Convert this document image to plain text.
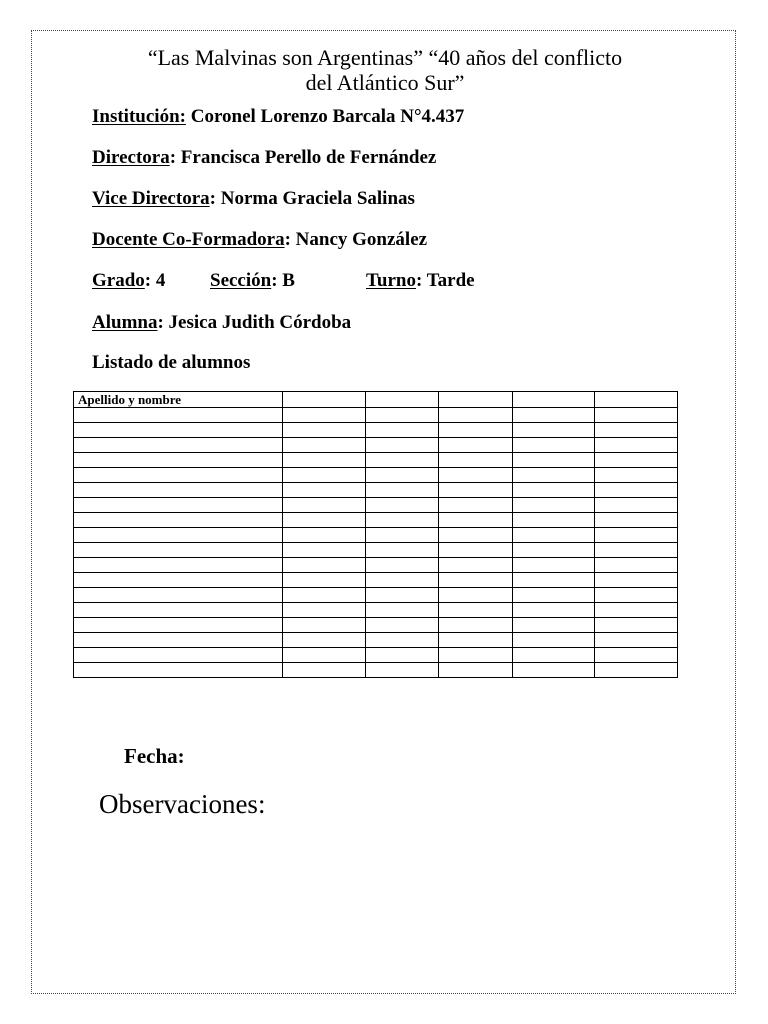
“Las Malvinas son Argentinas” “40 años del conflicto
del Atlántico Sur”
Institución: Coronel Lorenzo Barcala N°4.437
Directora: Francisca Perello de Fernández
Vice Directora: Norma Graciela Salinas
Docente Co-Formadora: Nancy González
Grado: 4 Sección: B	Turno: Tarde
Alumna: Jesica Judith Córdoba
Listado de alumnos
Apellido y nombre					

Fecha:
Observaciones:
